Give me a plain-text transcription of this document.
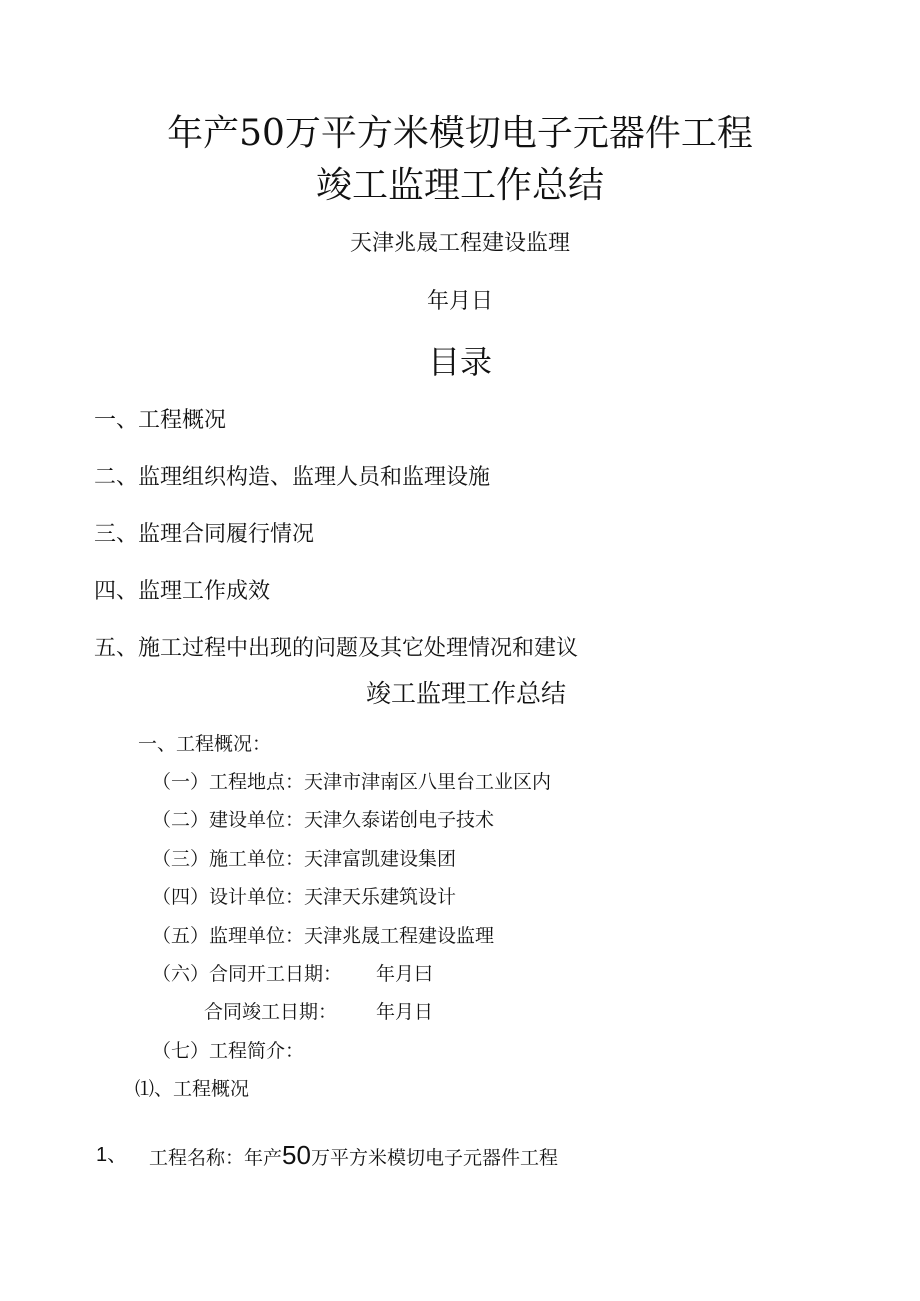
年产50万平方米模切电子元器件工程
竣工监理工作总结
天津兆晟工程建设监理
年月日
目录
一、工程概况
二、监理组织构造、监理人员和监理设施
三、监理合同履行情况
四、监理工作成效
五、施工过程中出现的问题及其它处理情况和建议
竣工监理工作总结
一、工程概况：
（一）工程地点：天津市津南区八里台工业区内
（二）建设单位：天津久泰诺创电子技术
（三）施工单位：天津富凯建设集团
（四）设计单位：天津天乐建筑设计
（五）监理单位：天津兆晟工程建设监理
（六）合同开工日期： 年月曰
合同竣工日期： 年月日
（七）工程简介：
⑴、工程概况
1、 工程名称：年产50万平方米模切电子元器件工程
